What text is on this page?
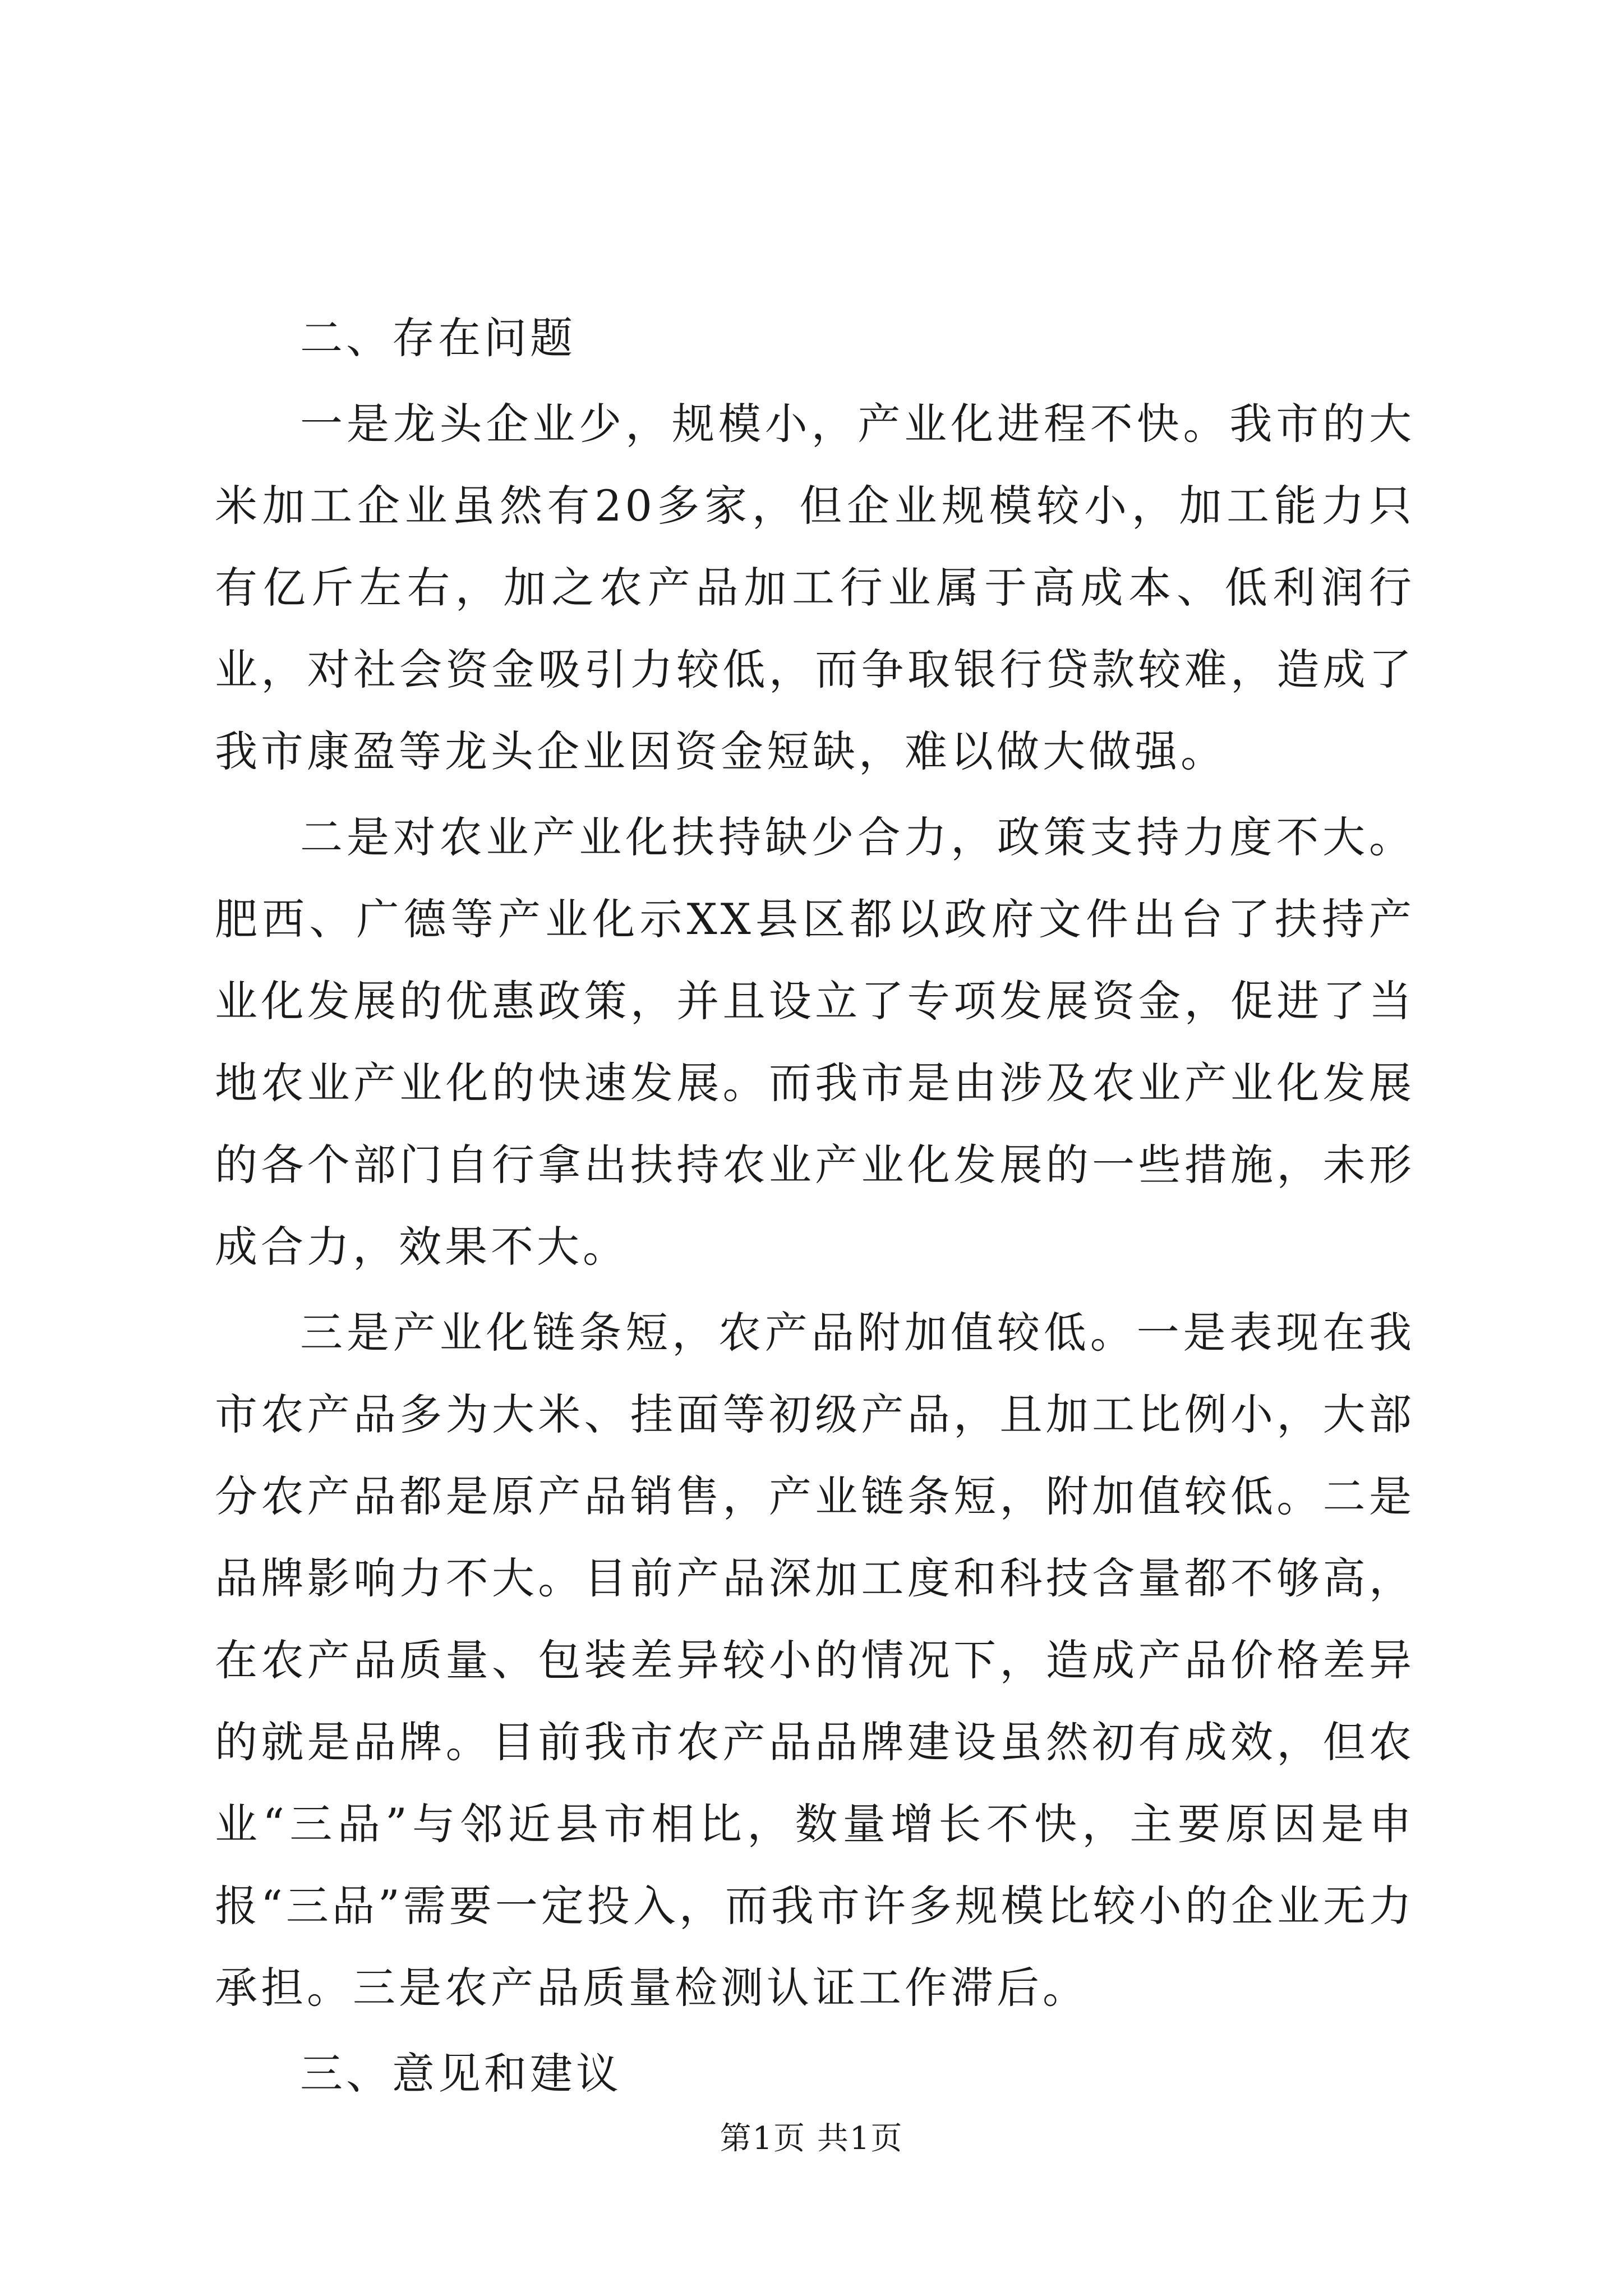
二、存在问题

一是龙头企业少，规模小，产业化进程不快。我市的大米加工企业虽然有20多家，但企业规模较小，加工能力只有亿斤左右，加之农产品加工行业属于高成本、低利润行业，对社会资金吸引力较低，而争取银行贷款较难，造成了我市康盈等龙头企业因资金短缺，难以做大做强。

二是对农业产业化扶持缺少合力，政策支持力度不大。肥西、广德等产业化示XX县区都以政府文件出台了扶持产业化发展的优惠政策，并且设立了专项发展资金，促进了当地农业产业化的快速发展。而我市是由涉及农业产业化发展的各个部门自行拿出扶持农业产业化发展的一些措施，未形成合力，效果不大。

三是产业化链条短，农产品附加值较低。一是表现在我市农产品多为大米、挂面等初级产品，且加工比例小，大部分农产品都是原产品销售，产业链条短，附加值较低。二是品牌影响力不大。目前产品深加工度和科技含量都不够高，在农产品质量、包装差异较小的情况下，造成产品价格差异的就是品牌。目前我市农产品品牌建设虽然初有成效，但农业“三品”与邻近县市相比，数量增长不快，主要原因是申报“三品”需要一定投入，而我市许多规模比较小的企业无力承担。三是农产品质量检测认证工作滞后。

三、意见和建议

第1页 共1页
